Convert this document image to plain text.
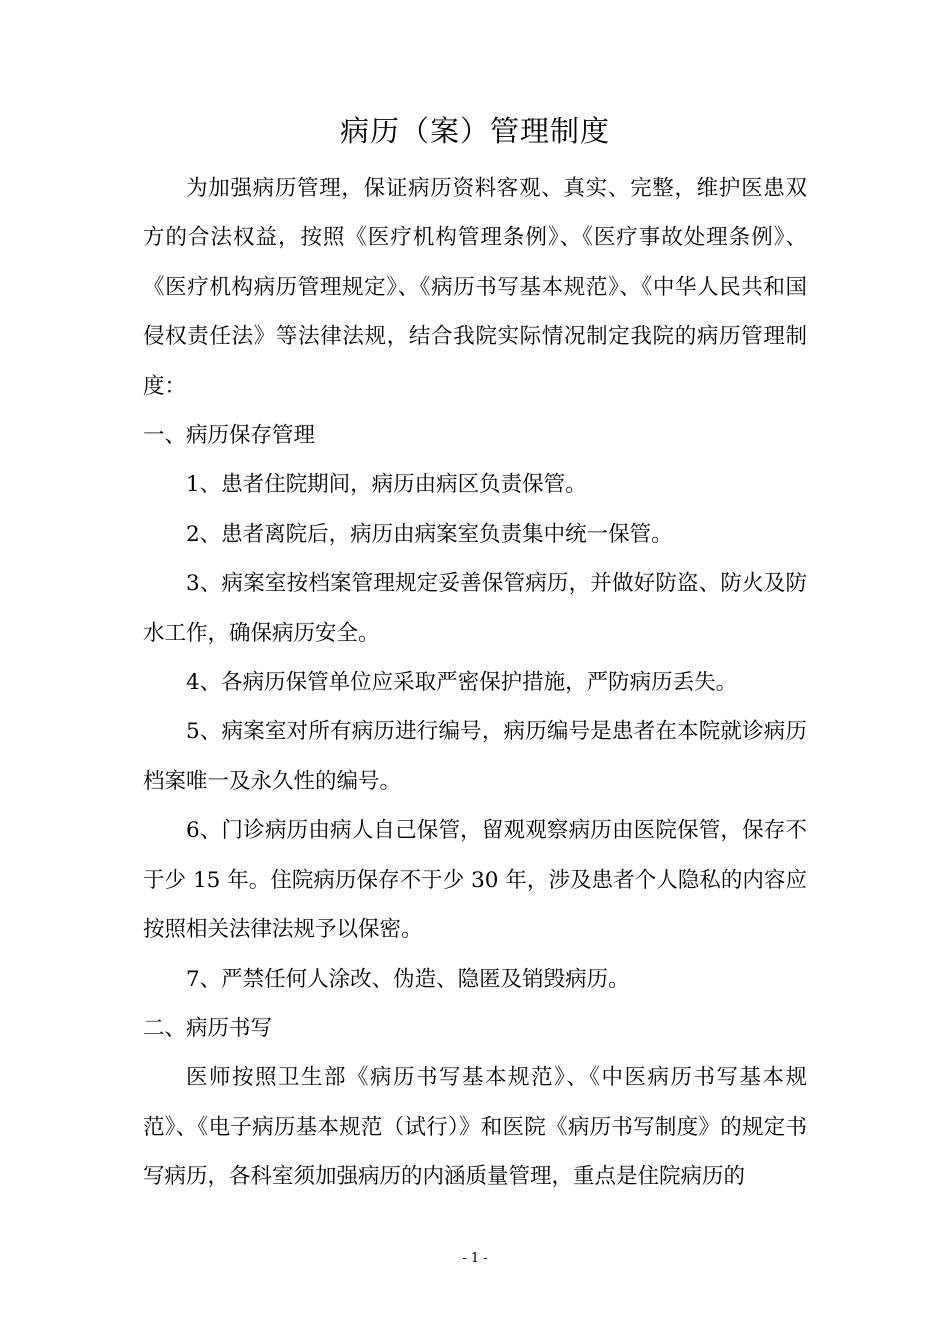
病历（案）管理制度

为加强病历管理，保证病历资料客观、真实、完整，维护医患双方的合法权益，按照《医疗机构管理条例》、《医疗事故处理条例》、《医疗机构病历管理规定》、《病历书写基本规范》、《中华人民共和国侵权责任法》等法律法规，结合我院实际情况制定我院的病历管理制度：

一、病历保存管理

1、患者住院期间，病历由病区负责保管。

2、患者离院后，病历由病案室负责集中统一保管。

3、病案室按档案管理规定妥善保管病历，并做好防盗、防火及防水工作，确保病历安全。

4、各病历保管单位应采取严密保护措施，严防病历丢失。

5、病案室对所有病历进行编号，病历编号是患者在本院就诊病历档案唯一及永久性的编号。

6、门诊病历由病人自己保管，留观观察病历由医院保管，保存不于少 15 年。住院病历保存不于少 30 年，涉及患者个人隐私的内容应按照相关法律法规予以保密。

7、严禁任何人涂改、伪造、隐匿及销毁病历。

二、病历书写

医师按照卫生部《病历书写基本规范》、《中医病历书写基本规范》、《电子病历基本规范（试行）》和医院《病历书写制度》的规定书写病历，各科室须加强病历的内涵质量管理，重点是住院病历的

- 1 -
